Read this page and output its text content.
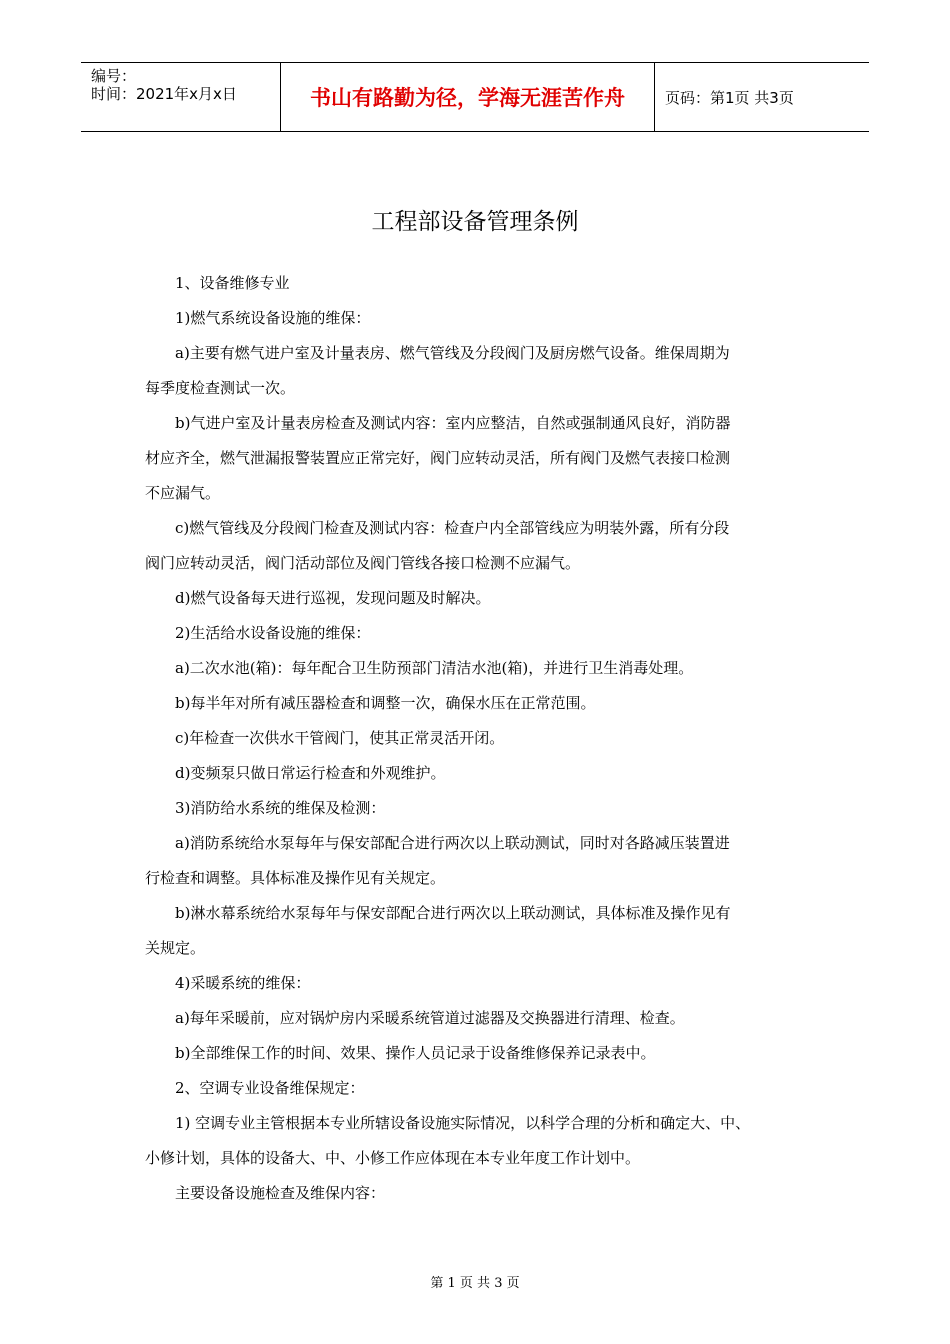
编号：
时间：2021年x月x日	书山有路勤为径，学海无涯苦作舟	页码：第1页 共3页
工程部设备管理条例

1、设备维修专业

1)燃气系统设备设施的维保：

a)主要有燃气进户室及计量表房、燃气管线及分段阀门及厨房燃气设备。维保周期为

每季度检查测试一次。

b)气进户室及计量表房检查及测试内容：室内应整洁，自然或强制通风良好，消防器

材应齐全，燃气泄漏报警装置应正常完好，阀门应转动灵活，所有阀门及燃气表接口检测

不应漏气。

c)燃气管线及分段阀门检查及测试内容：检查户内全部管线应为明装外露，所有分段

阀门应转动灵活，阀门活动部位及阀门管线各接口检测不应漏气。

d)燃气设备每天进行巡视，发现问题及时解决。

2)生活给水设备设施的维保：

a)二次水池(箱)：每年配合卫生防预部门清洁水池(箱)，并进行卫生消毒处理。

b)每半年对所有减压器检查和调整一次，确保水压在正常范围。

c)年检查一次供水干管阀门，使其正常灵活开闭。

d)变频泵只做日常运行检查和外观维护。

3)消防给水系统的维保及检测：

a)消防系统给水泵每年与保安部配合进行两次以上联动测试，同时对各路减压装置进

行检查和调整。具体标准及操作见有关规定。

b)淋水幕系统给水泵每年与保安部配合进行两次以上联动测试，具体标准及操作见有

关规定。

4)采暖系统的维保：

a)每年采暖前，应对锅炉房内采暖系统管道过滤器及交换器进行清理、检查。

b)全部维保工作的时间、效果、操作人员记录于设备维修保养记录表中。

2、空调专业设备维保规定：

1) 空调专业主管根据本专业所辖设备设施实际情况，以科学合理的分析和确定大、中、

小修计划，具体的设备大、中、小修工作应体现在本专业年度工作计划中。

主要设备设施检查及维保内容：

第 1 页 共 3 页
